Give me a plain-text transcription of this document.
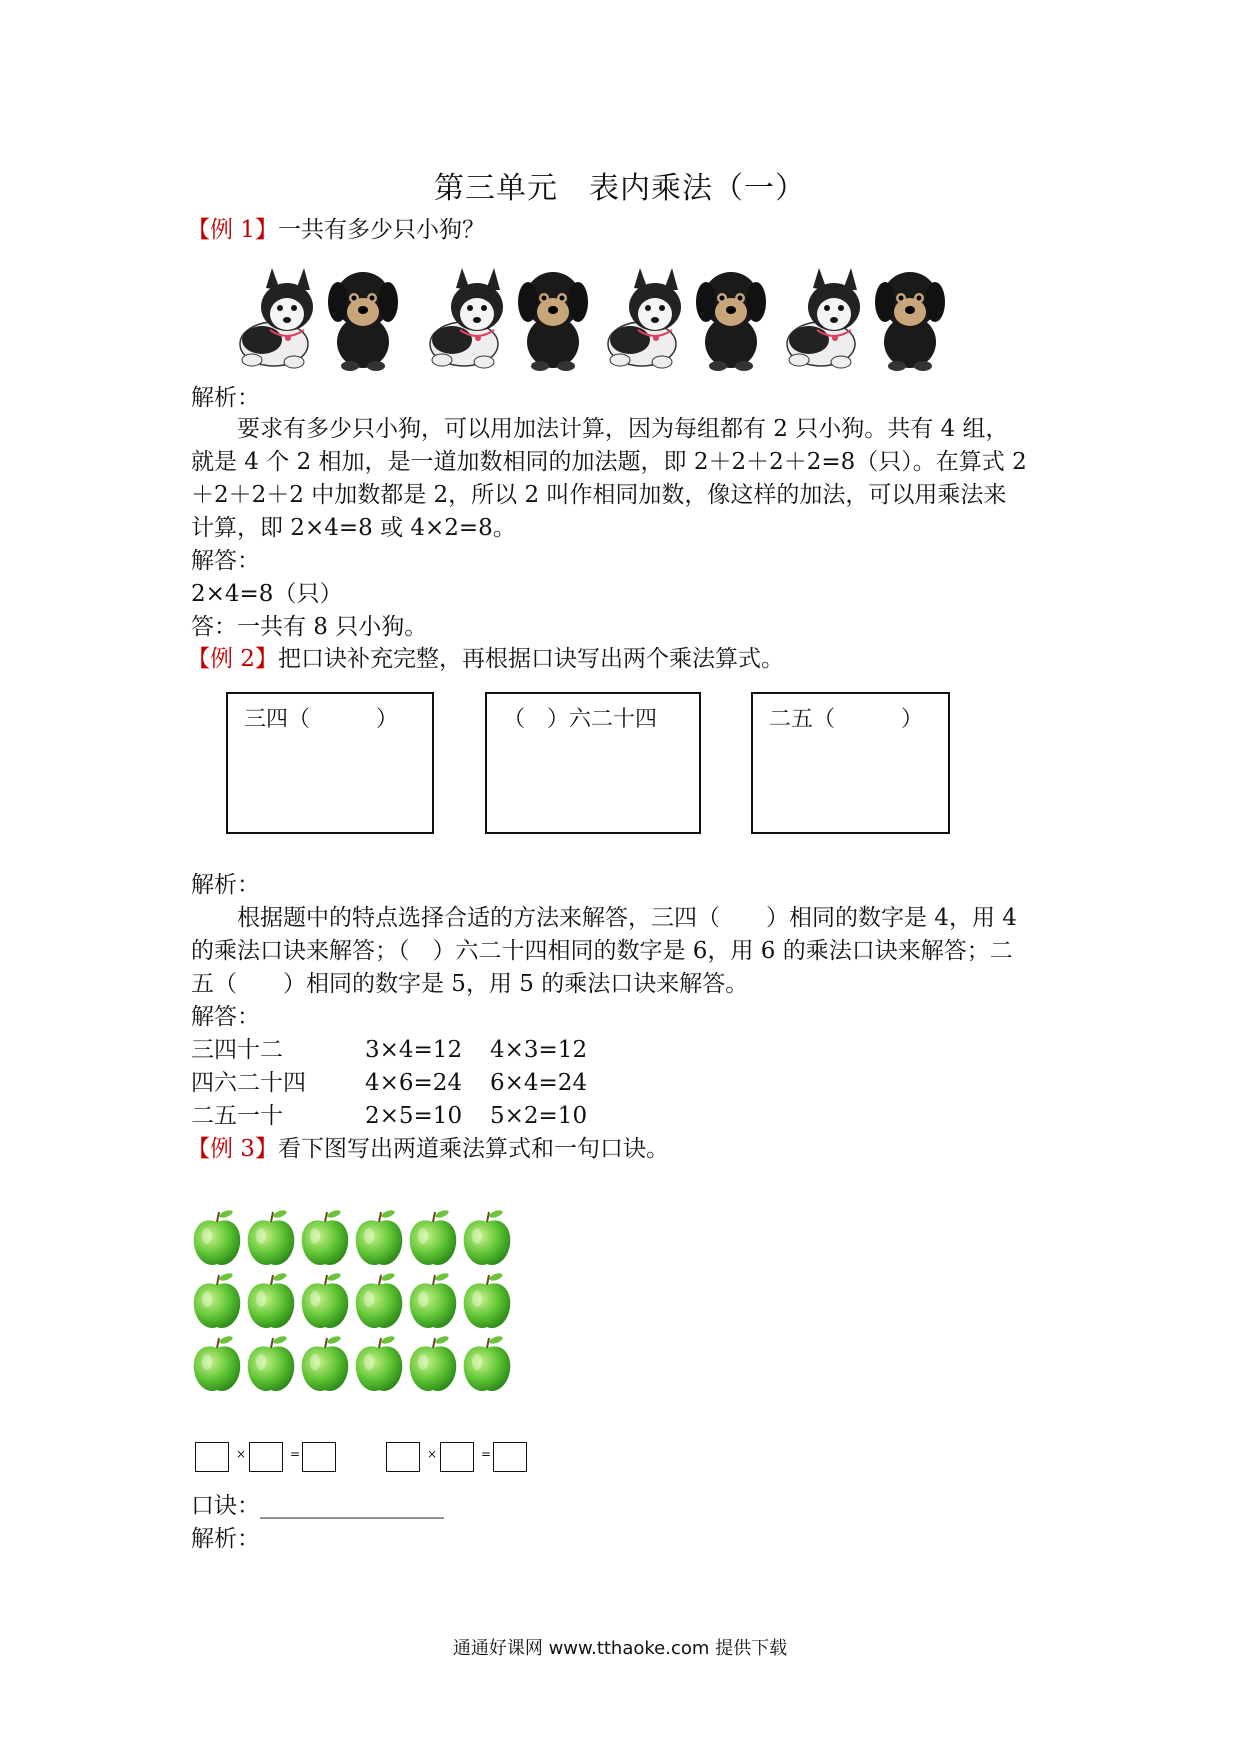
第三单元　表内乘法（一）
【例 1】一共有多少只小狗？
解析：
　　要求有多少只小狗，可以用加法计算，因为每组都有 2 只小狗。共有 4 组，
就是 4 个 2 相加，是一道加数相同的加法题，即 2＋2＋2＋2=8（只）。在算式 2
＋2＋2＋2 中加数都是 2，所以 2 叫作相同加数，像这样的加法，可以用乘法来
计算，即 2×4=8 或 4×2=8。
解答：
2×4=8（只）
答：一共有 8 只小狗。
【例 2】把口诀补充完整，再根据口诀写出两个乘法算式。
三四（　　　）	（　）六二十四	二五（　　　）
解析：
　　根据题中的特点选择合适的方法来解答，三四（　　）相同的数字是 4，用 4
的乘法口诀来解答；（　）六二十四相同的数字是 6，用 6 的乘法口诀来解答；二
五（　　）相同的数字是 5，用 5 的乘法口诀来解答。
解答：
三四十二	3×4=12 4×3=12
四六二十四	4×6=24 6×4=24
二五一十	2×5=10 5×2=10
【例 3】看下图写出两道乘法算式和一句口诀。
×	=	×	=
口诀：________________
解析：
通通好课网 www.tthaoke.com 提供下载
